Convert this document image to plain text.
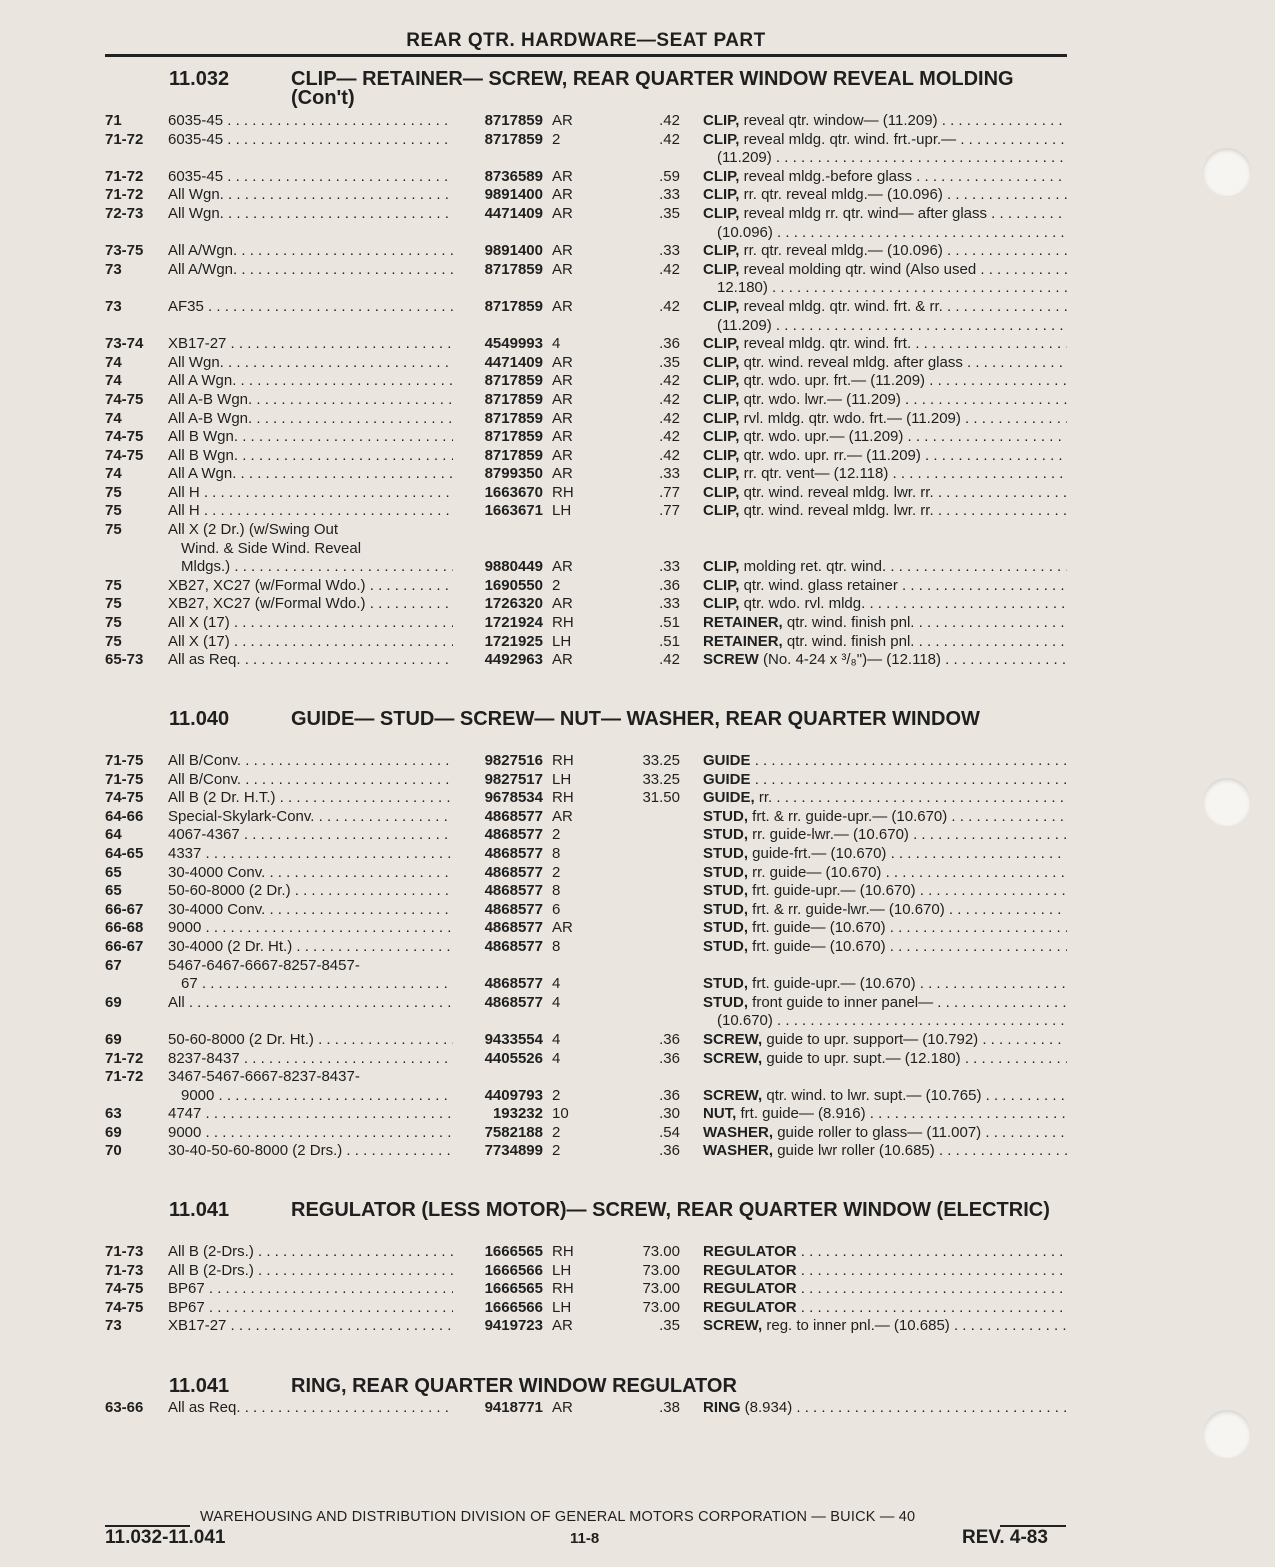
REAR QTR. HARDWARE—SEAT PART
11.032	CLIP— RETAINER— SCREW, REAR QUARTER WINDOW REVEAL MOLDING (Con't)
71	6035-45 . . .	8717859 AR	.42 CLIP, reveal qtr. window— (11.209) . . .
71-72	6035-45 . . .	8717859 2	.42 CLIP, reveal mldg. qtr. wind. frt.-upr.— . . .
(11.209) . . .
71-72	6035-45 . . .	8736589 AR	.59 CLIP, reveal mldg.-before glass . . .
71-72	All Wgn. . . .	9891400 AR	.33 CLIP, rr. qtr. reveal mldg.— (10.096) . . .
72-73	All Wgn. . . .	4471409 AR	.35 CLIP, reveal mldg rr. qtr. wind— after glass . . .
(10.096) . . .
73-75	All A/Wgn. . . .	9891400 AR	.33 CLIP, rr. qtr. reveal mldg.— (10.096) . . .
73	All A/Wgn. . . .	8717859 AR	.42 CLIP, reveal molding qtr. wind (Also used . . .
12.180) . . .
73	AF35 . . .	8717859 AR	.42 CLIP, reveal mldg. qtr. wind. frt. & rr. . . .
(11.209) . . .
73-74	XB17-27 . . .	4549993 4	.36 CLIP, reveal mldg. qtr. wind. frt. . . .
74	All Wgn. . . .	4471409 AR	.35 CLIP, qtr. wind. reveal mldg. after glass . . .
74	All A Wgn. . . .	8717859 AR	.42 CLIP, qtr. wdo. upr. frt.— (11.209) . . .
74-75	All A-B Wgn. . . .	8717859 AR	.42 CLIP, qtr. wdo. lwr.— (11.209) . . .
74	All A-B Wgn. . . .	8717859 AR	.42 CLIP, rvl. mldg. qtr. wdo. frt.— (11.209) . . .
74-75	All B Wgn. . . .	8717859 AR	.42 CLIP, qtr. wdo. upr.— (11.209) . . .
74-75	All B Wgn. . . .	8717859 AR	.42 CLIP, qtr. wdo. upr. rr.— (11.209) . . .
74	All A Wgn. . . .	8799350 AR	.33 CLIP, rr. qtr. vent— (12.118) . . .
75	All H . . .	1663670 RH	.77 CLIP, qtr. wind. reveal mldg. lwr. rr. . . .
75	All H . . .	1663671 LH	.77 CLIP, qtr. wind. reveal mldg. lwr. rr. . . .
75	All X (2 Dr.) (w/Swing Out
Wind. & Side Wind. Reveal
Mldgs.) . . .	9880449 AR	.33 CLIP, molding ret. qtr. wind. . . .
75	XB27, XC27 (w/Formal Wdo.) . . .	1690550 2	.36 CLIP, qtr. wind. glass retainer . . .
75	XB27, XC27 (w/Formal Wdo.) . . .	1726320 AR	.33 CLIP, qtr. wdo. rvl. mldg. . . .
75	All X (17) . . .	1721924 RH	.51 RETAINER, qtr. wind. finish pnl. . . .
75	All X (17) . . .	1721925 LH	.51 RETAINER, qtr. wind. finish pnl. . . .
65-73	All as Req. . . .	4492963 AR	.42 SCREW (No. 4-24 x ³/₈")— (12.118) . . .
11.040	GUIDE— STUD— SCREW— NUT— WASHER, REAR QUARTER WINDOW
71-75	All B/Conv. . . .	9827516 RH	33.25 GUIDE . . .
71-75	All B/Conv. . . .	9827517 LH	33.25 GUIDE . . .
74-75	All B (2 Dr. H.T.) . . .	9678534 RH	31.50 GUIDE, rr. . . .
64-66	Special-Skylark-Conv. . . .	4868577 AR	STUD, frt. & rr. guide-upr.— (10.670) . . .
64	4067-4367 . . .	4868577 2	STUD, rr. guide-lwr.— (10.670) . . .
64-65	4337 . . .	4868577 8	STUD, guide-frt.— (10.670) . . .
65	30-4000 Conv. . . .	4868577 2	STUD, rr. guide— (10.670) . . .
65	50-60-8000 (2 Dr.) . . .	4868577 8	STUD, frt. guide-upr.— (10.670) . . .
66-67	30-4000 Conv. . . .	4868577 6	STUD, frt. & rr. guide-lwr.— (10.670) . . .
66-68	9000 . . .	4868577 AR	STUD, frt. guide— (10.670) . . .
66-67	30-4000 (2 Dr. Ht.) . . .	4868577 8	STUD, frt. guide— (10.670) . . .
67	5467-6467-6667-8257-8457-
67 . . .	4868577 4	STUD, frt. guide-upr.— (10.670) . . .
69	All . . .	4868577 4	STUD, front guide to inner panel— . . .
(10.670) . . .
69	50-60-8000 (2 Dr. Ht.) . . .	9433554 4	.36 SCREW, guide to upr. support— (10.792) . . .
71-72	8237-8437 . . .	4405526 4	.36 SCREW, guide to upr. supt.— (12.180) . . .
71-72	3467-5467-6667-8237-8437-
9000 . . .	4409793 2	.36 SCREW, qtr. wind. to lwr. supt.— (10.765) . . .
63	4747 . . .	193232 10	.30 NUT, frt. guide— (8.916) . . .
69	9000 . . .	7582188 2	.54 WASHER, guide roller to glass— (11.007) . . .
70	30-40-50-60-8000 (2 Drs.) . . .	7734899 2	.36 WASHER, guide lwr roller (10.685) . . .
11.041	REGULATOR (LESS MOTOR)— SCREW, REAR QUARTER WINDOW (ELECTRIC)
71-73	All B (2-Drs.) . . .	1666565 RH	73.00 REGULATOR . . .
71-73	All B (2-Drs.) . . .	1666566 LH	73.00 REGULATOR . . .
74-75	BP67 . . .	1666565 RH	73.00 REGULATOR . . .
74-75	BP67 . . .	1666566 LH	73.00 REGULATOR . . .
73	XB17-27 . . .	9419723 AR	.35 SCREW, reg. to inner pnl.— (10.685) . . .
11.041	RING, REAR QUARTER WINDOW REGULATOR
63-66	All as Req. . . .	9418771 AR	.38 RING (8.934) . . .
WAREHOUSING AND DISTRIBUTION DIVISION OF GENERAL MOTORS CORPORATION — BUICK — 40
11.032-11.041	11-8	REV. 4-83
